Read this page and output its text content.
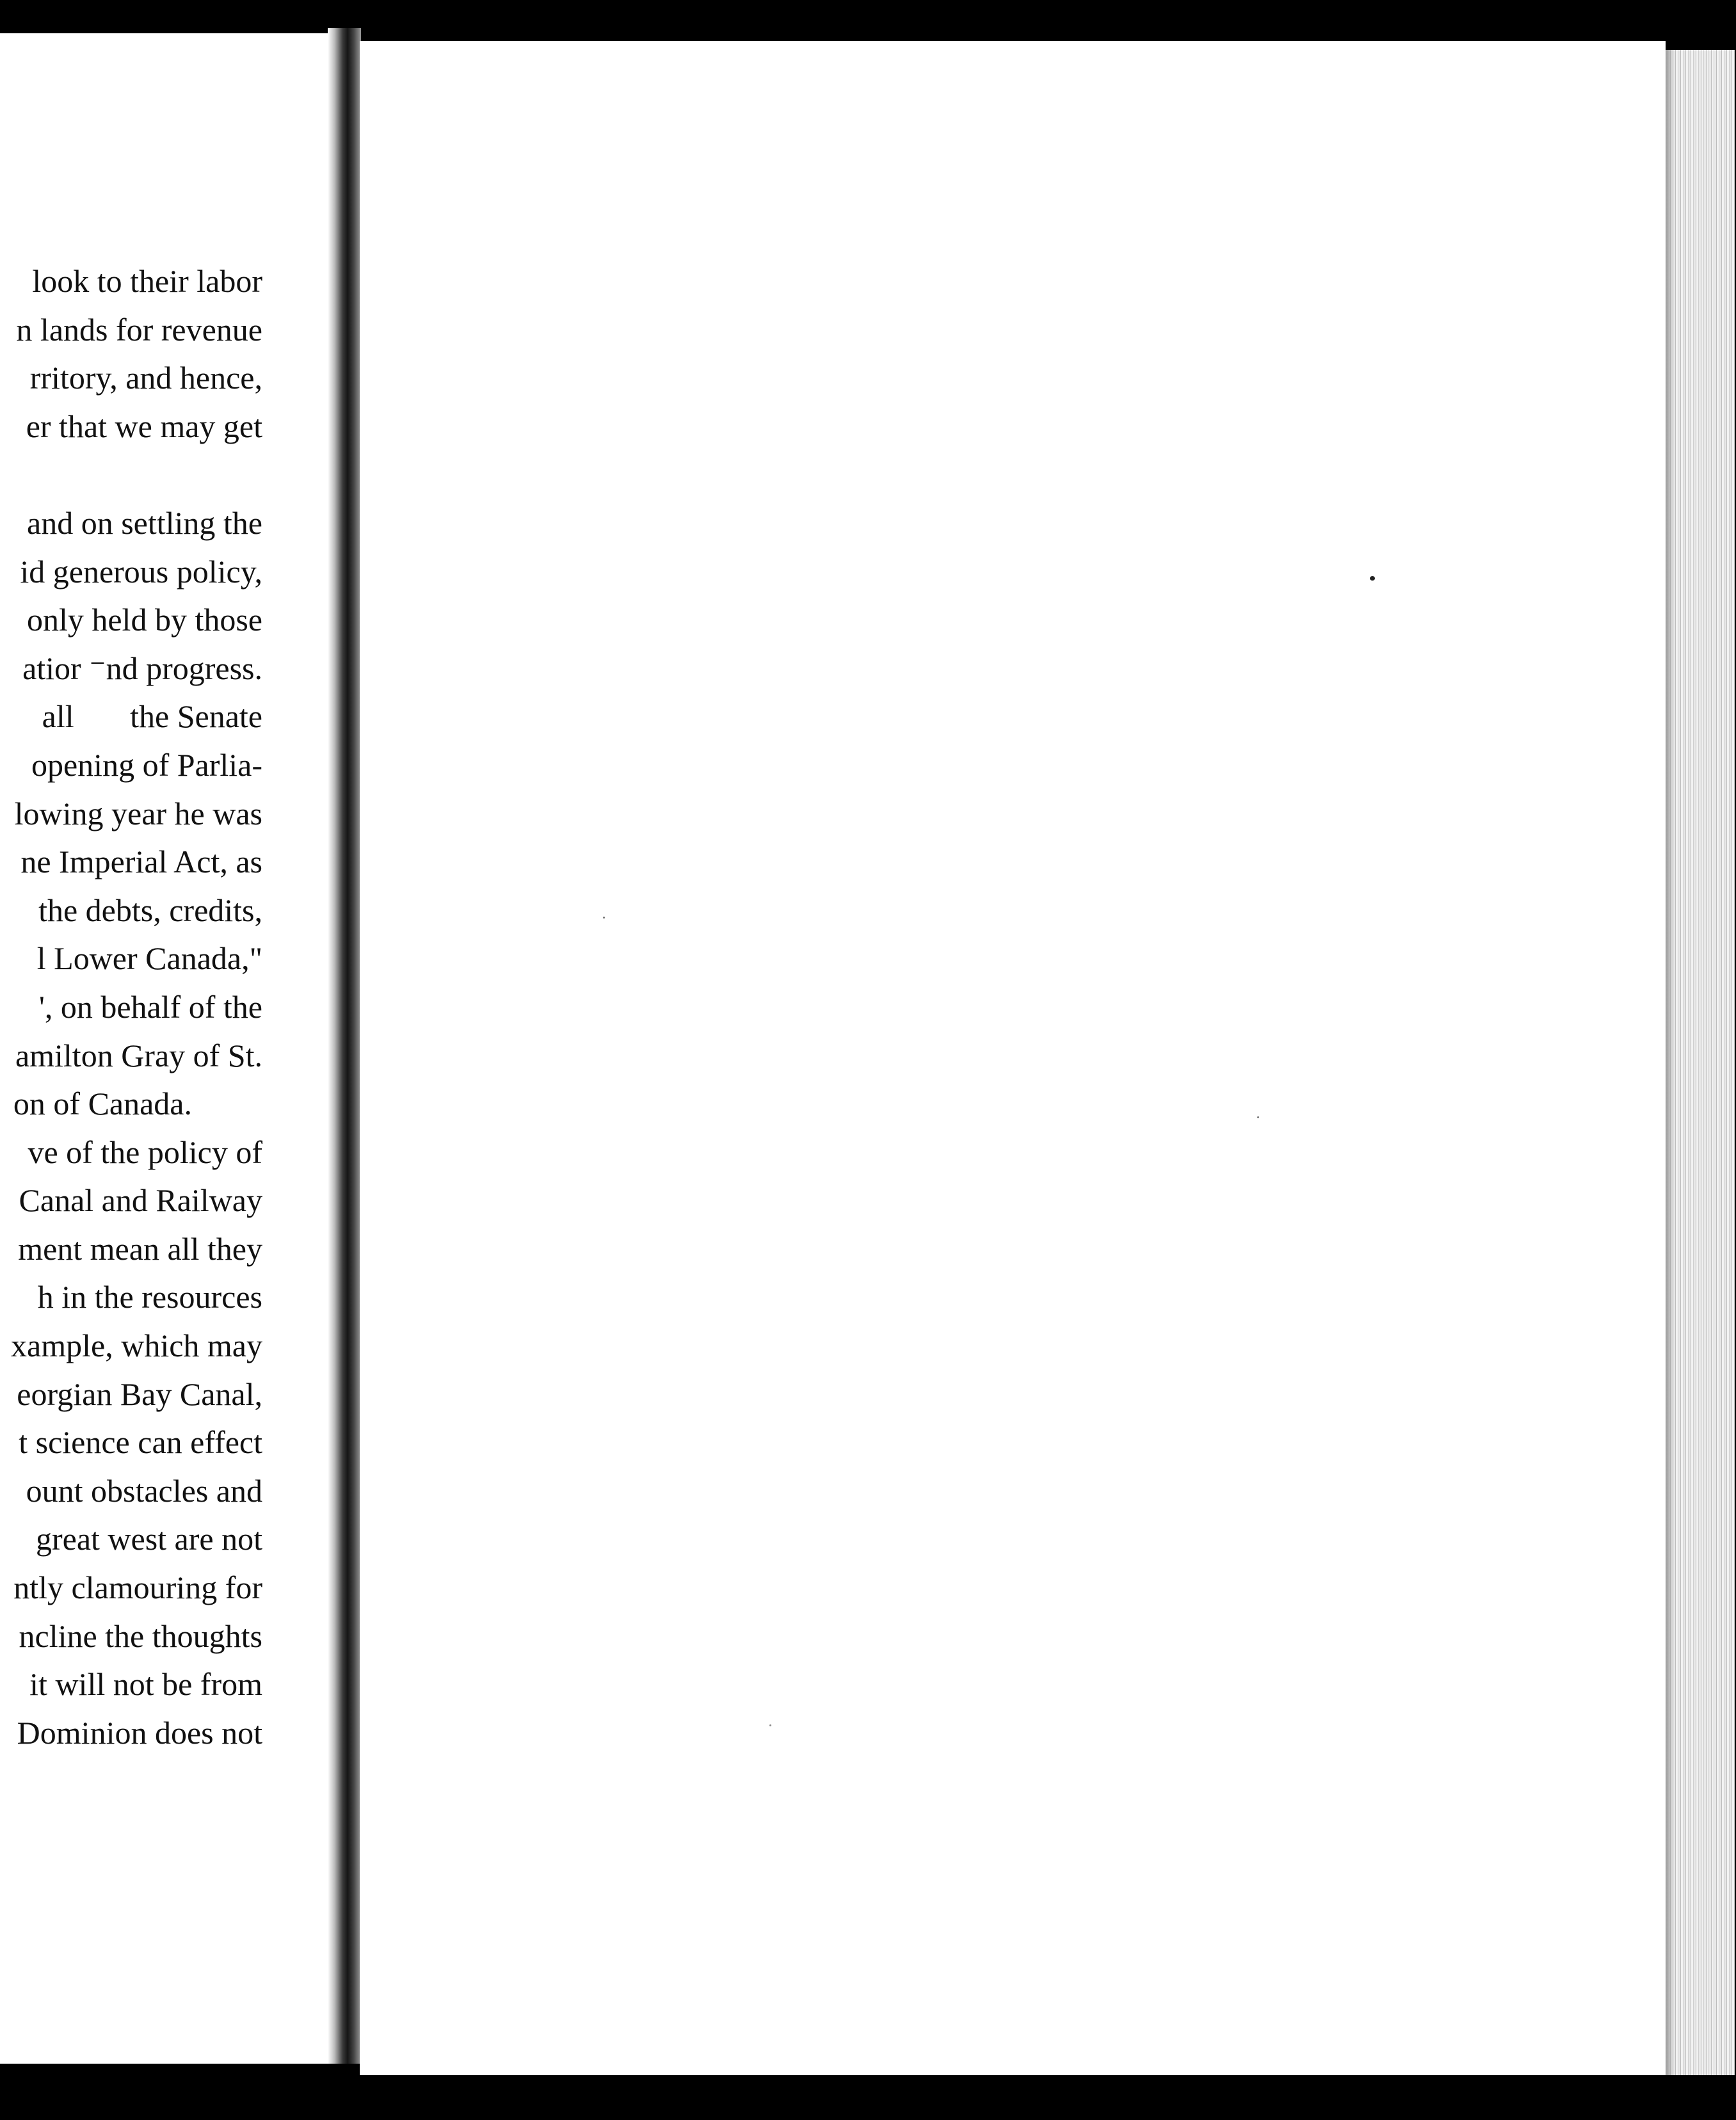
look to their labor
n lands for revenue
rritory, and hence,
er that we may get
and on settling the
id generous policy,
only held by those
atior ⁻nd progress.
all       the Senate
opening of Parlia-
lowing year he was
ne Imperial Act, as
the debts, credits,
l Lower Canada,"
', on behalf of the
amilton Gray of St.
on of Canada.
ve of the policy of
Canal and Railway
ment mean all they
h in the resources
xample, which may
eorgian Bay Canal,
t science can effect
ount obstacles and
great west are not
ntly clamouring for
ncline the thoughts
it will not be from
Dominion does not
